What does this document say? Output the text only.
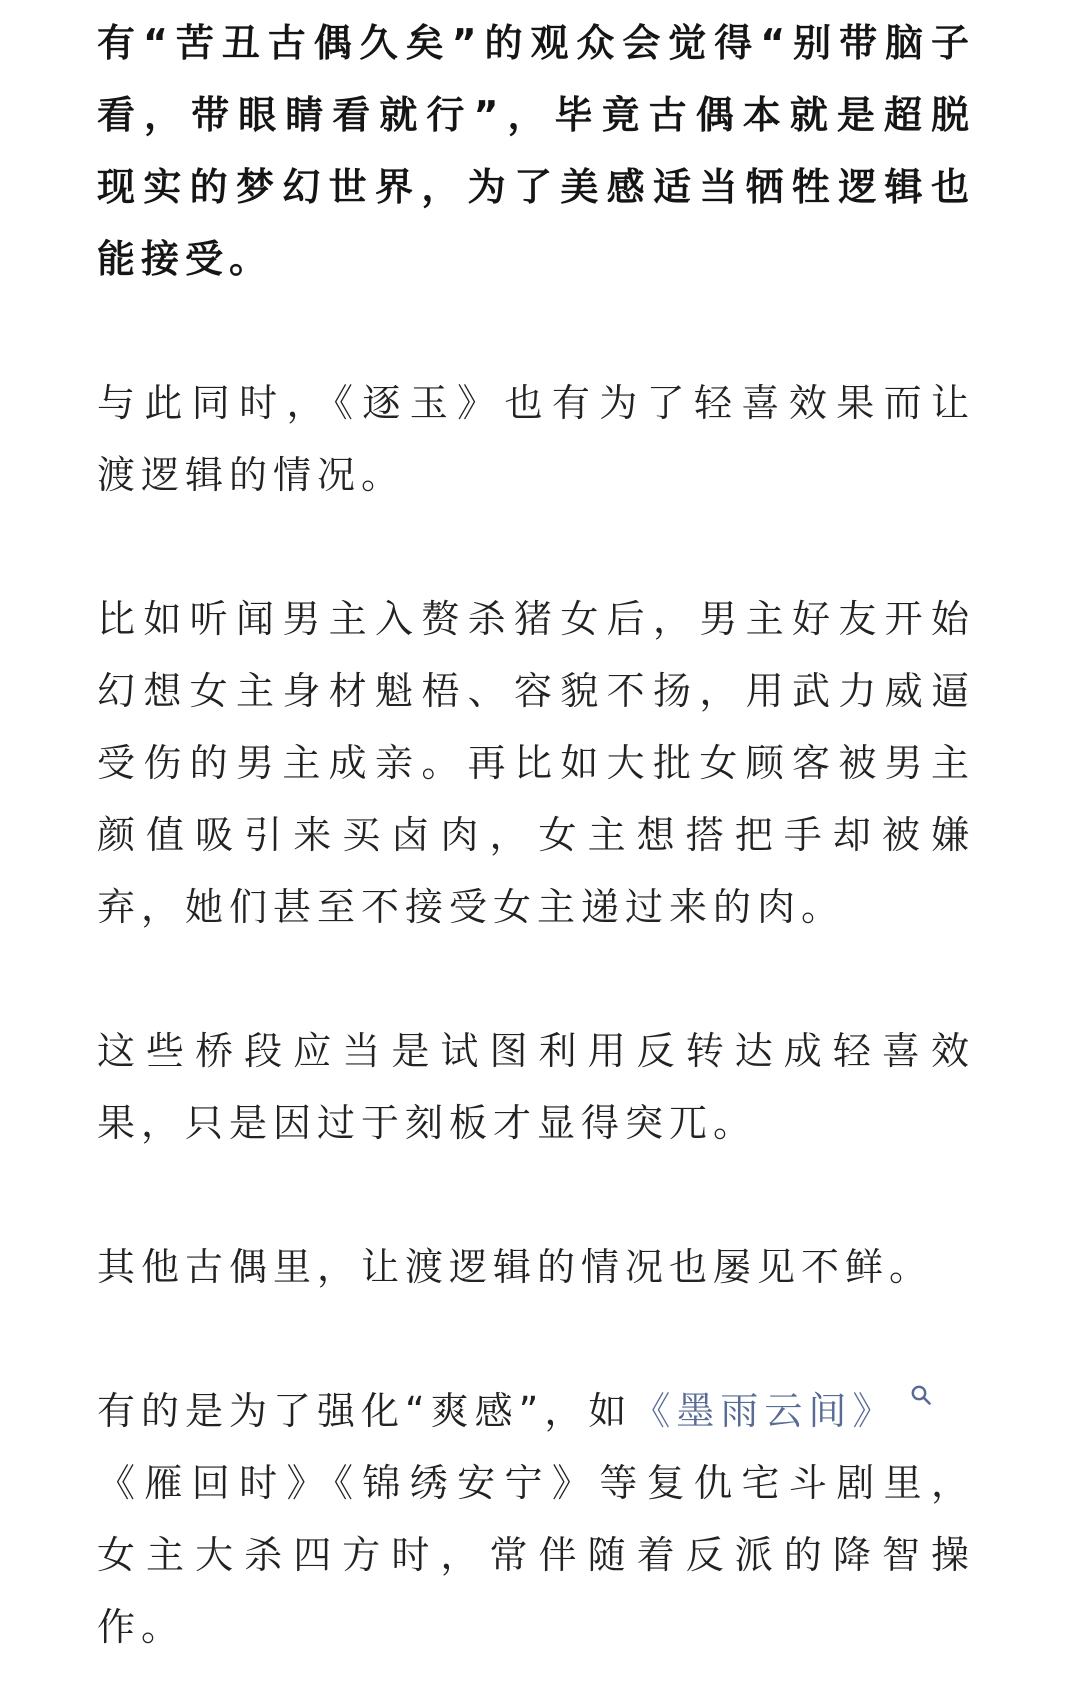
有“苦丑古偶久矣”的观众会觉得“别带脑子
看，带眼睛看就行”，毕竟古偶本就是超脱
现实的梦幻世界，为了美感适当牺牲逻辑也
能接受。

与此同时，《逐玉》也有为了轻喜效果而让
渡逻辑的情况。

比如听闻男主入赘杀猪女后，男主好友开始
幻想女主身材魁梧、容貌不扬，用武力威逼
受伤的男主成亲。再比如大批女顾客被男主
颜值吸引来买卤肉，女主想搭把手却被嫌
弃，她们甚至不接受女主递过来的肉。

这些桥段应当是试图利用反转达成轻喜效
果，只是因过于刻板才显得突兀。

其他古偶里，让渡逻辑的情况也屡见不鲜。

有的是为了强化“爽感”，如《墨雨云间》
《雁回时》《锦绣安宁》等复仇宅斗剧里，
女主大杀四方时，常伴随着反派的降智操
作。
